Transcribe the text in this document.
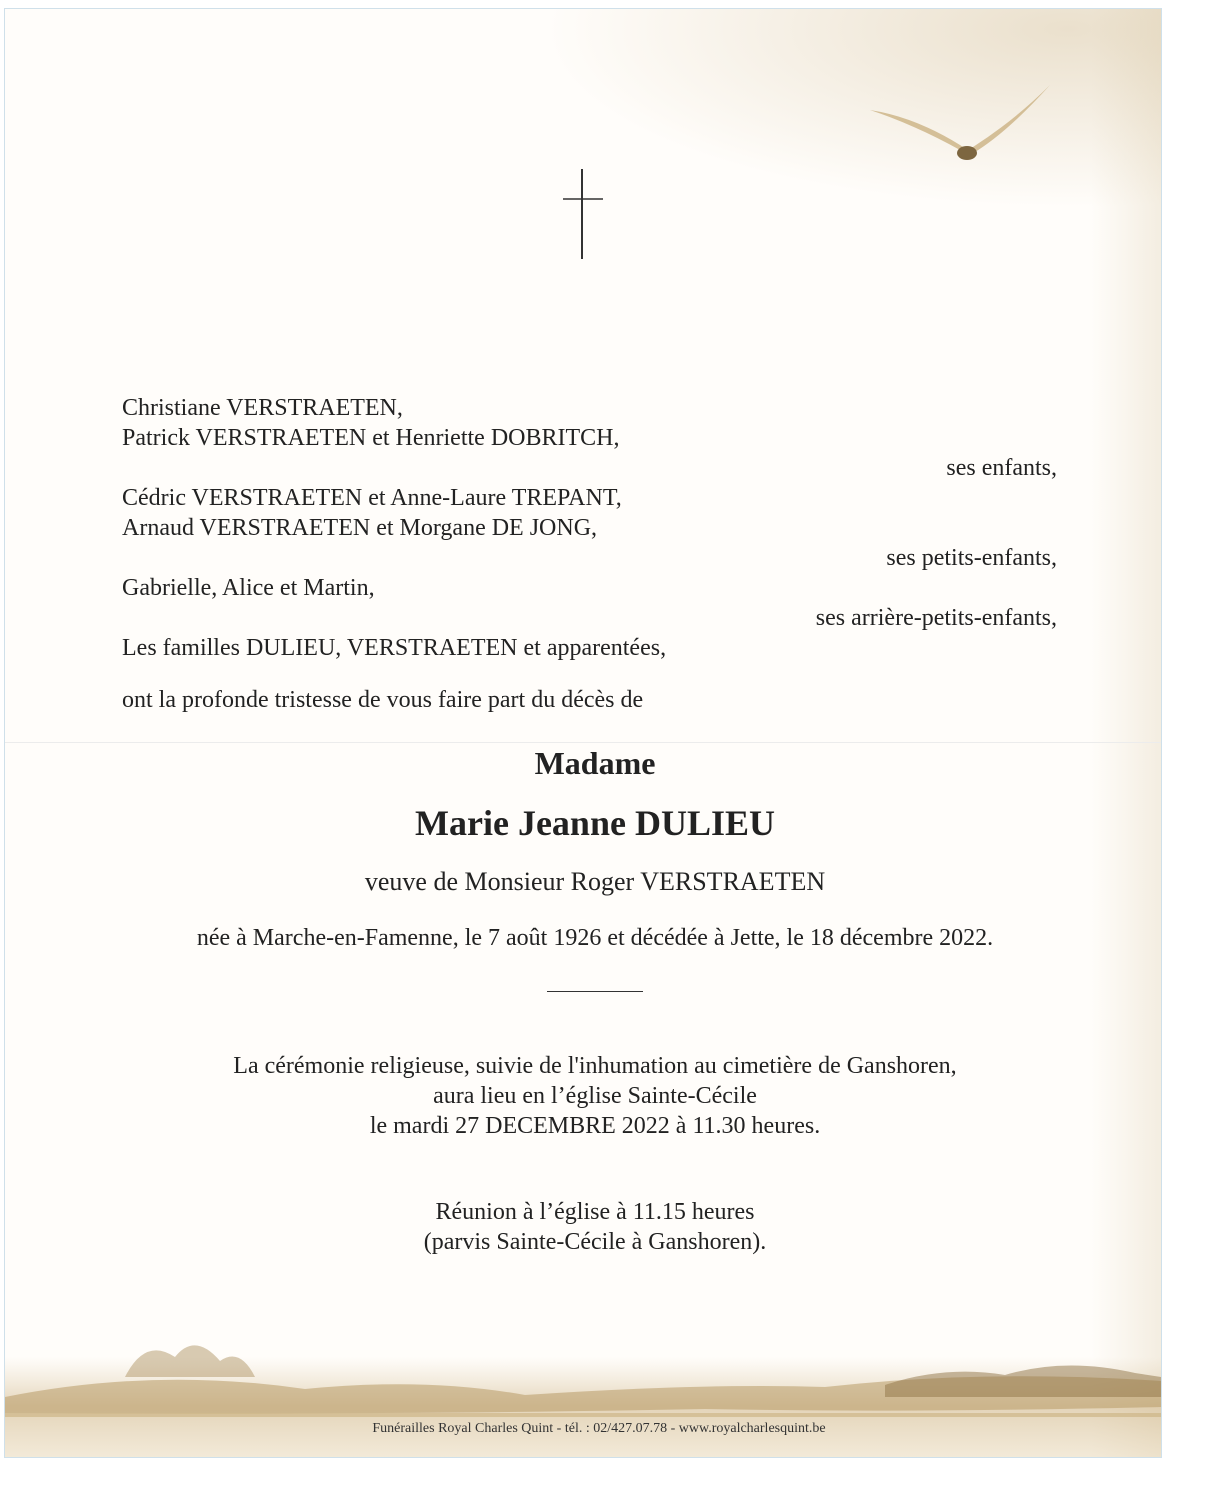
Christiane VERSTRAETEN,
Patrick VERSTRAETEN et Henriette DOBRITCH,
ses enfants,
Cédric VERSTRAETEN et Anne-Laure TREPANT,
Arnaud VERSTRAETEN et Morgane DE JONG,
ses petits-enfants,
Gabrielle, Alice et Martin,
ses arrière-petits-enfants,
Les familles DULIEU, VERSTRAETEN et apparentées,
ont la profonde tristesse de vous faire part du décès de
Madame
Marie Jeanne DULIEU
veuve de Monsieur Roger VERSTRAETEN
née à Marche-en-Famenne, le 7 août 1926 et décédée à Jette, le 18 décembre 2022.
La cérémonie religieuse, suivie de l'inhumation au cimetière de Ganshoren,
aura lieu en l’église Sainte-Cécile
le mardi 27 DECEMBRE 2022 à 11.30 heures.
Réunion à l’église à 11.15 heures
(parvis Sainte-Cécile à Ganshoren).
Funérailles Royal Charles Quint - tél. : 02/427.07.78 - www.royalcharlesquint.be
